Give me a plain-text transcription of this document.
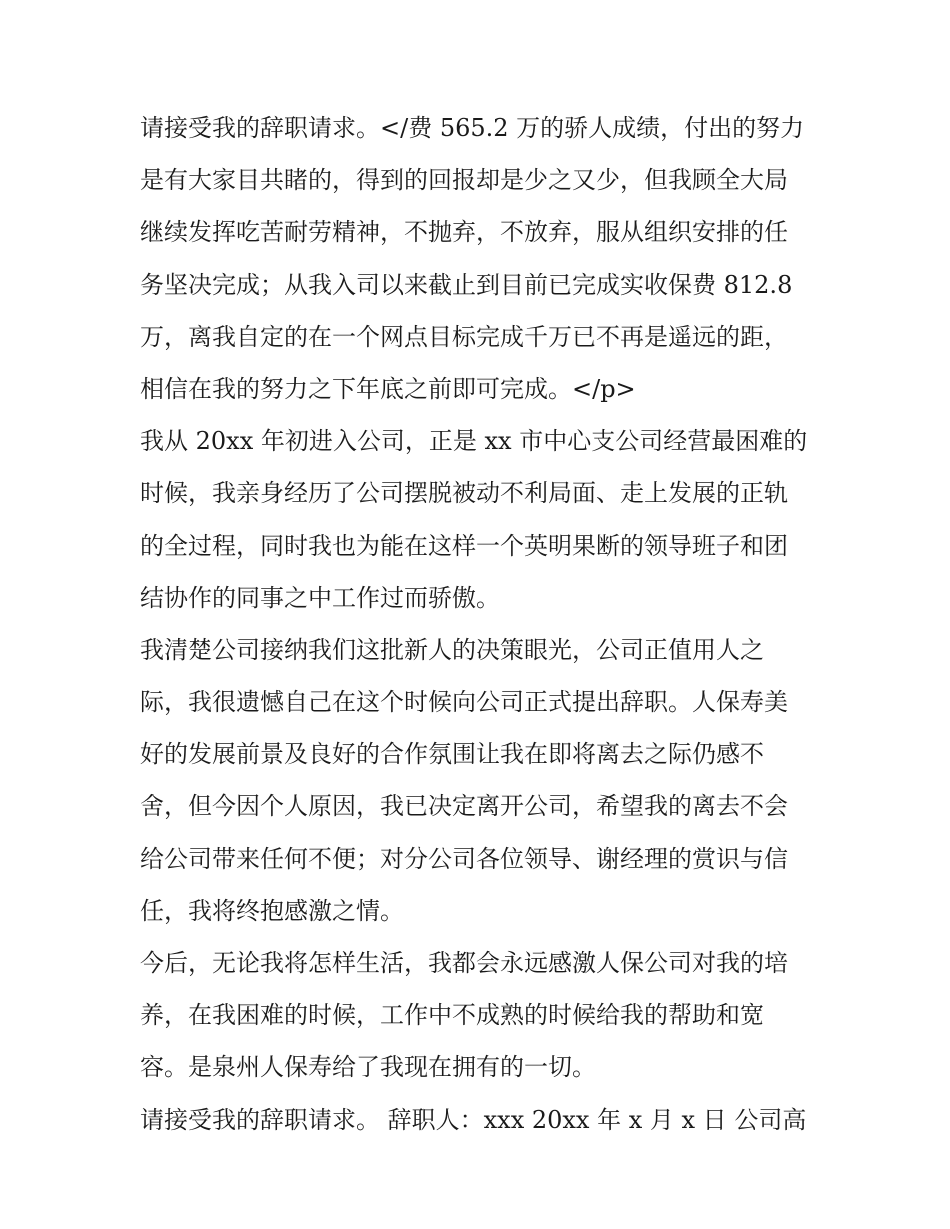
请接受我的辞职请求。</费 565.2 万的骄人成绩，付出的努力
是有大家目共睹的，得到的回报却是少之又少，但我顾全大局
继续发挥吃苦耐劳精神，不抛弃，不放弃，服从组织安排的任
务坚决完成；从我入司以来截止到目前已完成实收保费 812.8
万，离我自定的在一个网点目标完成千万已不再是遥远的距，
相信在我的努力之下年底之前即可完成。</p>
我从 20xx 年初进入公司，正是 xx 市中心支公司经营最困难的
时候，我亲身经历了公司摆脱被动不利局面、走上发展的正轨
的全过程，同时我也为能在这样一个英明果断的领导班子和团
结协作的同事之中工作过而骄傲。
我清楚公司接纳我们这批新人的决策眼光，公司正值用人之
际，我很遗憾自己在这个时候向公司正式提出辞职。人保寿美
好的发展前景及良好的合作氛围让我在即将离去之际仍感不
舍，但今因个人原因，我已决定离开公司，希望我的离去不会
给公司带来任何不便；对分公司各位领导、谢经理的赏识与信
任，我将终抱感激之情。
今后，无论我将怎样生活，我都会永远感激人保公司对我的培
养，在我困难的时候，工作中不成熟的时候给我的帮助和宽
容。是泉州人保寿给了我现在拥有的一切。
请接受我的辞职请求。 辞职人：xxx 20xx 年 x 月 x 日 公司高
